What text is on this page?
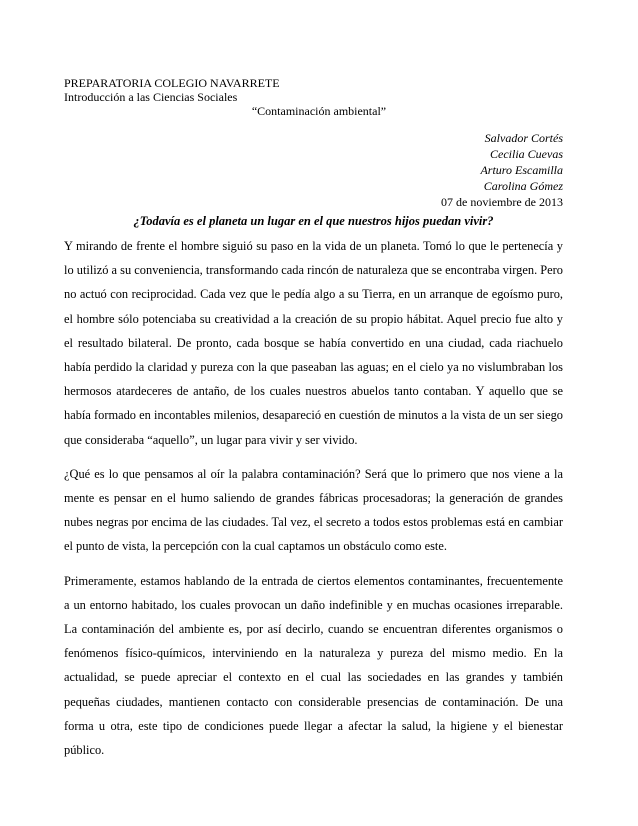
PREPARATORIA COLEGIO NAVARRETE
Introducción a las Ciencias Sociales
“Contaminación ambiental”
Salvador Cortés
Cecilia Cuevas
Arturo Escamilla
Carolina Gómez
07 de noviembre de 2013
¿Todavía es el planeta un lugar en el que nuestros hijos puedan vivir?

Y mirando de frente el hombre siguió su paso en la vida de un planeta. Tomó lo que le pertenecía y lo utilizó a su conveniencia, transformando cada rincón de naturaleza que se encontraba virgen. Pero no actuó con reciprocidad. Cada vez que le pedía algo a su Tierra, en un arranque de egoísmo puro, el hombre sólo potenciaba su creatividad a la creación de su propio hábitat. Aquel precio fue alto y el resultado bilateral. De pronto, cada bosque se había convertido en una ciudad, cada riachuelo había perdido la claridad y pureza con la que paseaban las aguas; en el cielo ya no vislumbraban los hermosos atardeceres de antaño, de los cuales nuestros abuelos tanto contaban. Y aquello que se había formado en incontables milenios, desapareció en cuestión de minutos a la vista de un ser siego que consideraba “aquello”, un lugar para vivir y ser vivido.

¿Qué es lo que pensamos al oír la palabra contaminación? Será que lo primero que nos viene a la mente es pensar en el humo saliendo de grandes fábricas procesadoras; la generación de grandes nubes negras por encima de las ciudades. Tal vez, el secreto a todos estos problemas está en cambiar el punto de vista, la percepción con la cual captamos un obstáculo como este.

Primeramente, estamos hablando de la entrada de ciertos elementos contaminantes, frecuentemente a un entorno habitado, los cuales provocan un daño indefinible y en muchas ocasiones irreparable. La contaminación del ambiente es, por así decirlo, cuando se encuentran diferentes organismos o fenómenos físico-químicos, interviniendo en la naturaleza y pureza del mismo medio. En la actualidad, se puede apreciar el contexto en el cual las sociedades en las grandes y también pequeñas ciudades, mantienen contacto con considerable presencias de contaminación. De una forma u otra, este tipo de condiciones puede llegar a afectar la salud, la higiene y el bienestar público.
